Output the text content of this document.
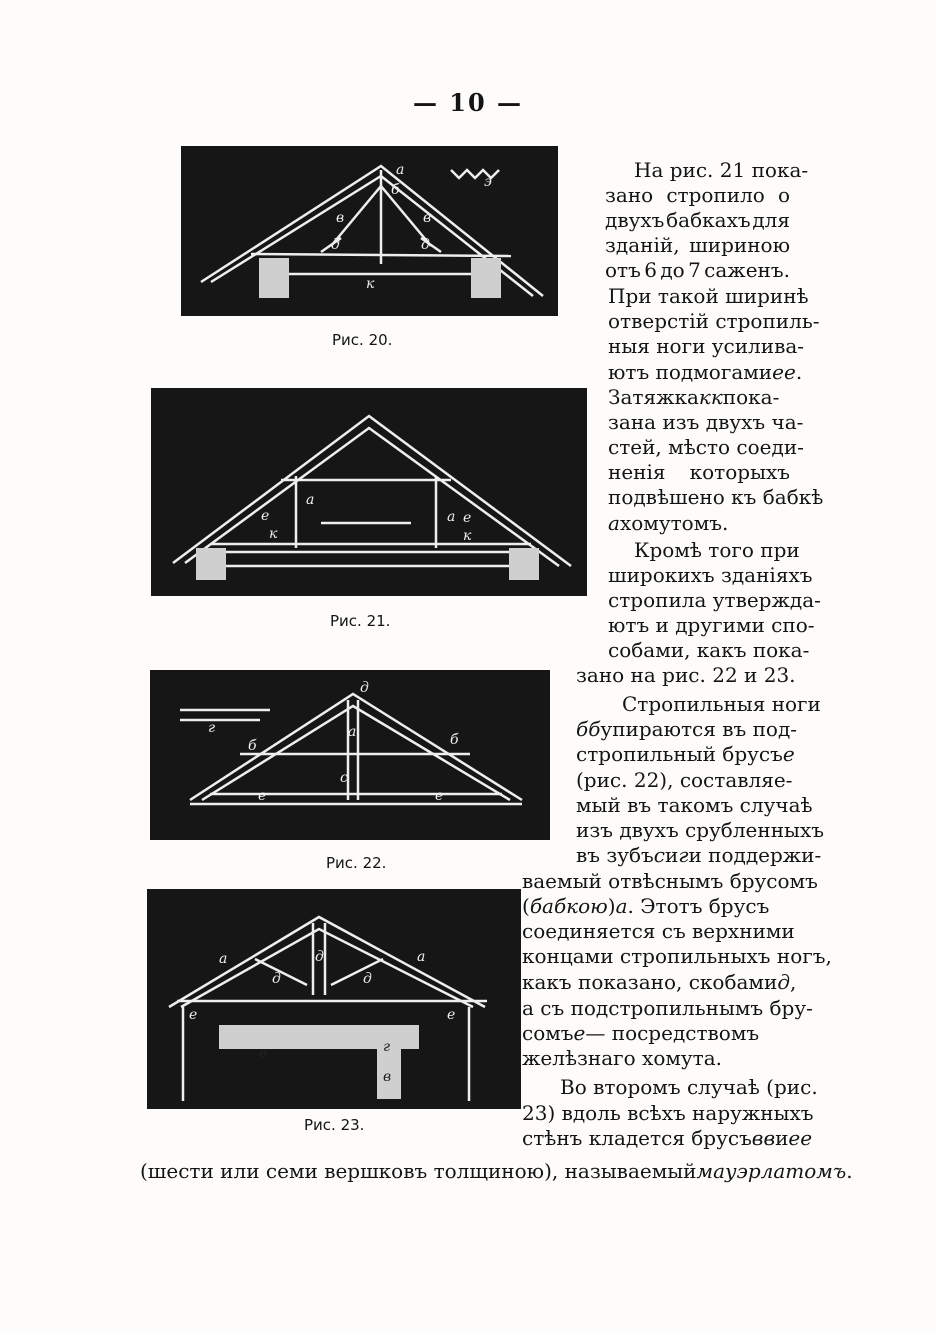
— 10 —
а
б
в	в
д	д
к
э
Рис. 20.
а
а
е	е
к	к
Рис. 21.
д
а
б	б
г
с
е	е
Рис. 22.
д
а	а
д	д
е	е
в
в
г
Рис. 23.
На рис. 21 пока-
зано стропило о
двухъ бабкахъ для
зданій, шириною
отъ 6 до 7 саженъ.
При такой ширинѣ
отверстій стропиль-
ныя ноги усилива-
ютъ подмогами ее .
Затяжка кк пока-
зана изъ двухъ ча-
стей, мѣсто соеди-
ненія которыхъ
подвѣшено къ бабкѣ
а хомутомъ.
Кромѣ того при
широкихъ зданіяхъ
стропила утвержда-
ютъ и другими спо-
собами, какъ пока-
зано на рис. 22 и 23.
Стропильныя ноги
бб упираются въ под-
стропильный брусъ е
(рис. 22), составляе-
мый въ такомъ случаѣ
изъ двухъ срубленныхъ
въ зубъ с и г и поддержи-
ваемый отвѣснымъ брусомъ
( бабкою ) а . Этотъ брусъ
соединяется съ верхними
концами стропильныхъ ногъ,
какъ показано, скобами д ,
а съ подстропильнымъ бру-
сомъ е — посредствомъ
желѣзнаго хомута.
Во второмъ случаѣ (рис.
23) вдоль всѣхъ наружныхъ
стѣнъ кладется брусъ вв и ее
(шести или семи вершковъ толщиною), называемый мауэрлатомъ .
